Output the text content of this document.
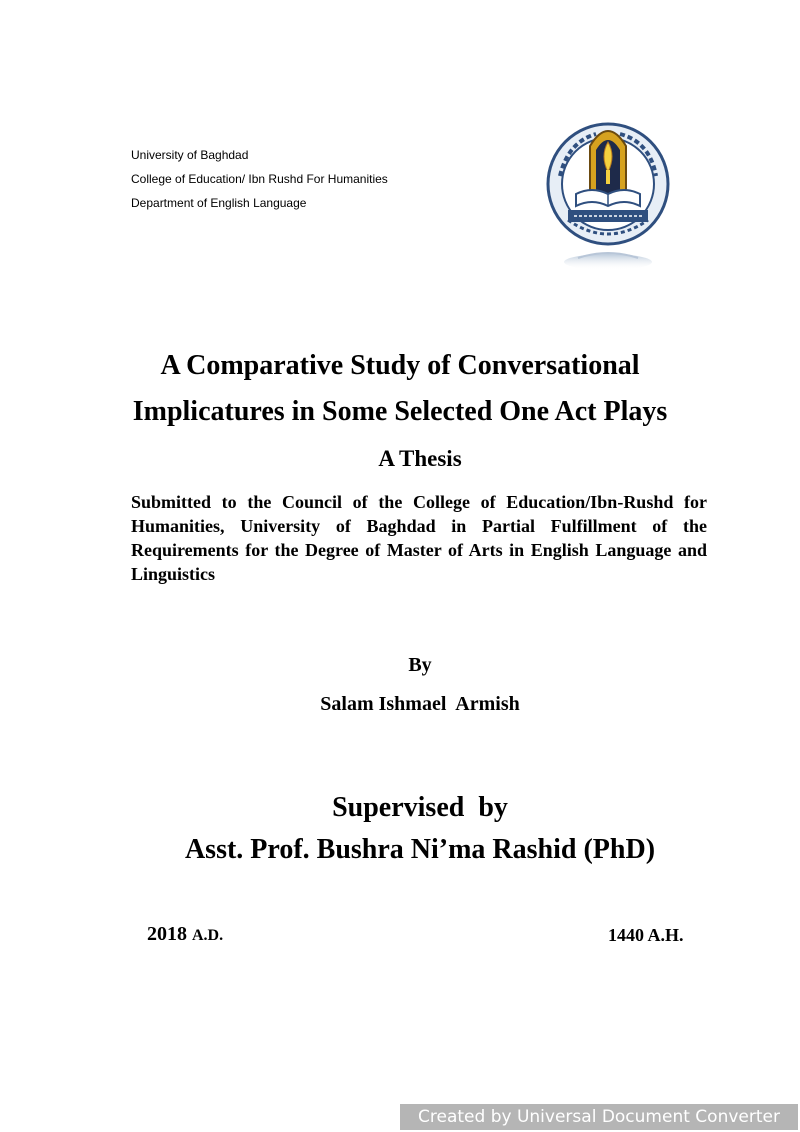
University of Baghdad
College of Education/ Ibn Rushd For Humanities
Department of English Language
A Comparative Study of Conversational
Implicatures in Some Selected One Act Plays
A Thesis
Submitted to the Council of the College of Education/Ibn-Rushd for Humanities, University of Baghdad in Partial Fulfillment of the Requirements for the Degree of Master of Arts in English Language and Linguistics
By
Salam Ishmael  Armish
Supervised  by
Asst. Prof. Bushra Ni’ma Rashid (PhD)
2018 A.D.	1440 A.H.
Created by Universal Document Converter
